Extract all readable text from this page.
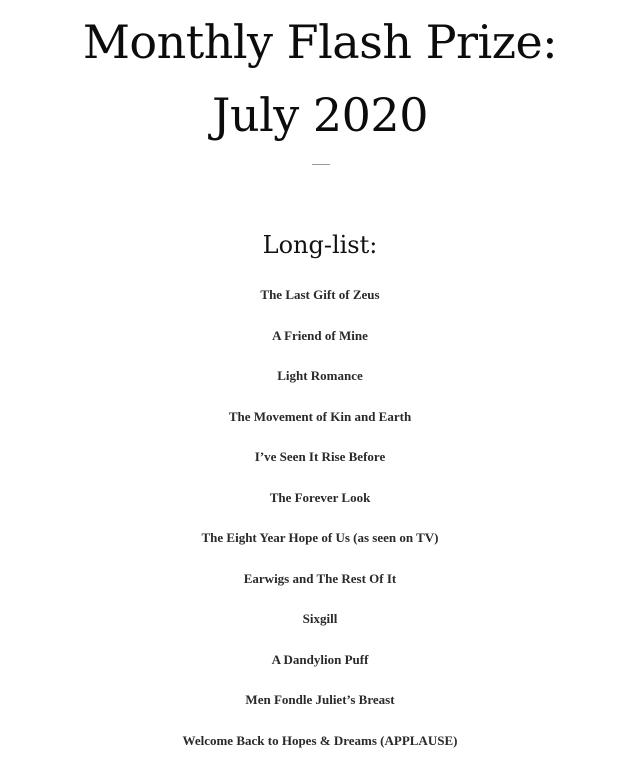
Monthly Flash Prize:
July 2020
Long-list:
The Last Gift of Zeus
A Friend of Mine
Light Romance
The Movement of Kin and Earth
I’ve Seen It Rise Before
The Forever Look
The Eight Year Hope of Us (as seen on TV)
Earwigs and The Rest Of It
Sixgill
A Dandylion Puff
Men Fondle Juliet’s Breast
Welcome Back to Hopes & Dreams (APPLAUSE)
